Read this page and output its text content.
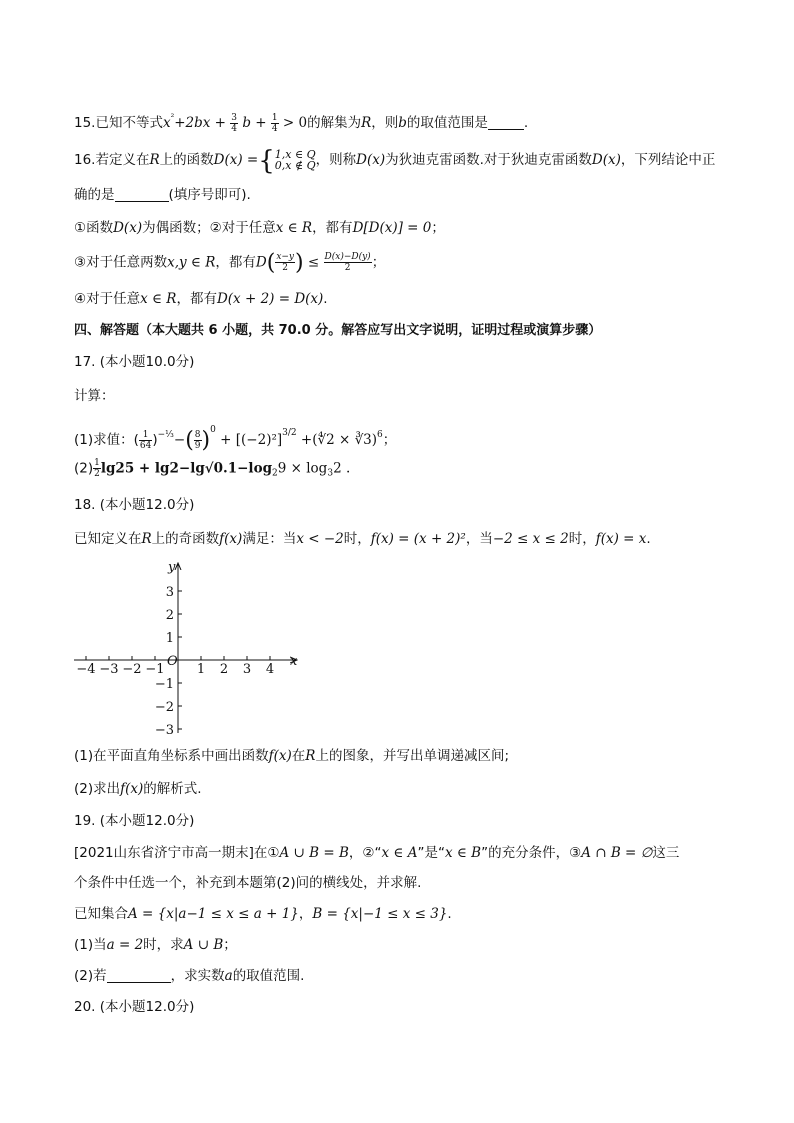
15.已知不等式$x^{^2}+2bx + \frac{3}{4}$ $b + \frac{1}{4} > 0$的解集为R，则b的取值范围是	.
16.若定义在R上的函数D(x) ={ 1,x ∈ Q
0,x ∉ Q ，则称D(x)为狄迪克雷函数.对于狄迪克雷函数D(x)，下列结论中正
确的是	(填序号即可).
①函数D(x)为偶函数；②对于任意x ∈ R，都有D[D(x)] = 0；
③对于任意两数x,y ∈ R，都有$D( \frac{x-y}{2}$ ) ≤ $\frac{D(x)-D(y)}{2}$ ；
④对于任意x ∈ R，都有D(x + 2) = D(x).
四、解答题（本大题共 6 小题，共 70.0 分。解答应写出文字说明，证明过程或演算步骤）
17. (本小题10.0分)
计算：
(1)求值：( $\frac{1}{64} )^{-\frac{1}{3}}-( \frac{8}{9} )^0 + [(-2)^2]^{3/2}$ +(∜2 × ∛3)$^6$；
$(2) \frac{1}{2} \lg 25 + \lg 2-\lg√0.1-\log_29 \times \log_32$ .
18. (本小题12.0分)
已知定义在R上的奇函数f(x)满足：当x < −2时，f(x) = (x + 2)²，当−2 ≤ x ≤ 2时，f(x) = x.
−4 −3 −2 −1 1 2 3 4
3
2
1
−1
−2
−3
x
y
O
(1)在平面直角坐标系中画出函数f(x)在R上的图象，并写出单调递减区间;
(2)求出f(x)的解析式.
19. (本小题12.0分)
[2021山东省济宁市高一期末]在①A ∪ B = B，②“x ∈ A”是“x ∈ B”的充分条件，③A ∩ B = ∅这三
个条件中任选一个，补充到本题第(2)问的横线处，并求解.
已知集合A = {x|a−1 ≤ x ≤ a + 1}，B = {x|−1 ≤ x ≤ 3}.
(1)当a = 2时，求A ∪ B；
(2)若	，求实数a的取值范围.
20. (本小题12.0分)
